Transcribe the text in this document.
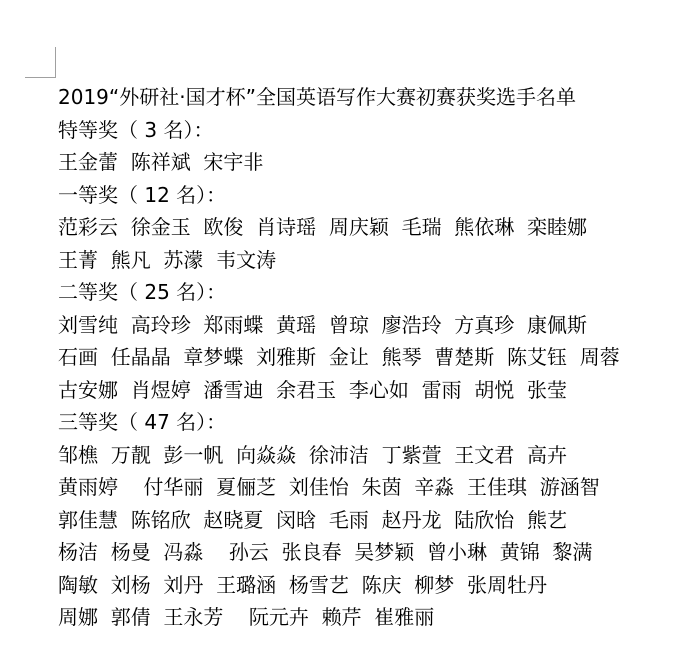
2019“外研社·国才杯”全国英语写作大赛初赛获奖选手名单
特等奖（ 3 名）：
王金蕾  陈祥斌  宋宇非
一等奖（ 12 名）：
范彩云  徐金玉  欧俊  肖诗瑶  周庆颖  毛瑞  熊依琳  栾睦娜
王菁  熊凡  苏濛  韦文涛
二等奖（ 25 名）：
刘雪纯  高玲珍  郑雨蝶  黄瑶  曾琼  廖浩玲  方真珍  康佩斯
石画  任晶晶  章梦蝶  刘雅斯  金让  熊琴  曹楚斯  陈艾钰  周蓉
古安娜  肖煜婷  潘雪迪  余君玉  李心如  雷雨  胡悦  张莹
三等奖（ 47 名）：
邹樵  万靓  彭一帆  向焱焱  徐沛洁  丁紫萱  王文君  高卉
黄雨婷    付华丽  夏俪芝  刘佳怡  朱茵  辛淼  王佳琪  游涵智
郭佳慧  陈铭欣  赵晓夏  闵晗  毛雨  赵丹龙  陆欣怡  熊艺
杨洁  杨曼  冯淼    孙云  张良春  吴梦颖  曾小琳  黄锦  黎满
陶敏  刘杨  刘丹  王璐涵  杨雪艺  陈庆  柳梦  张周牡丹
周娜  郭倩  王永芳    阮元卉  赖芹  崔雅丽
